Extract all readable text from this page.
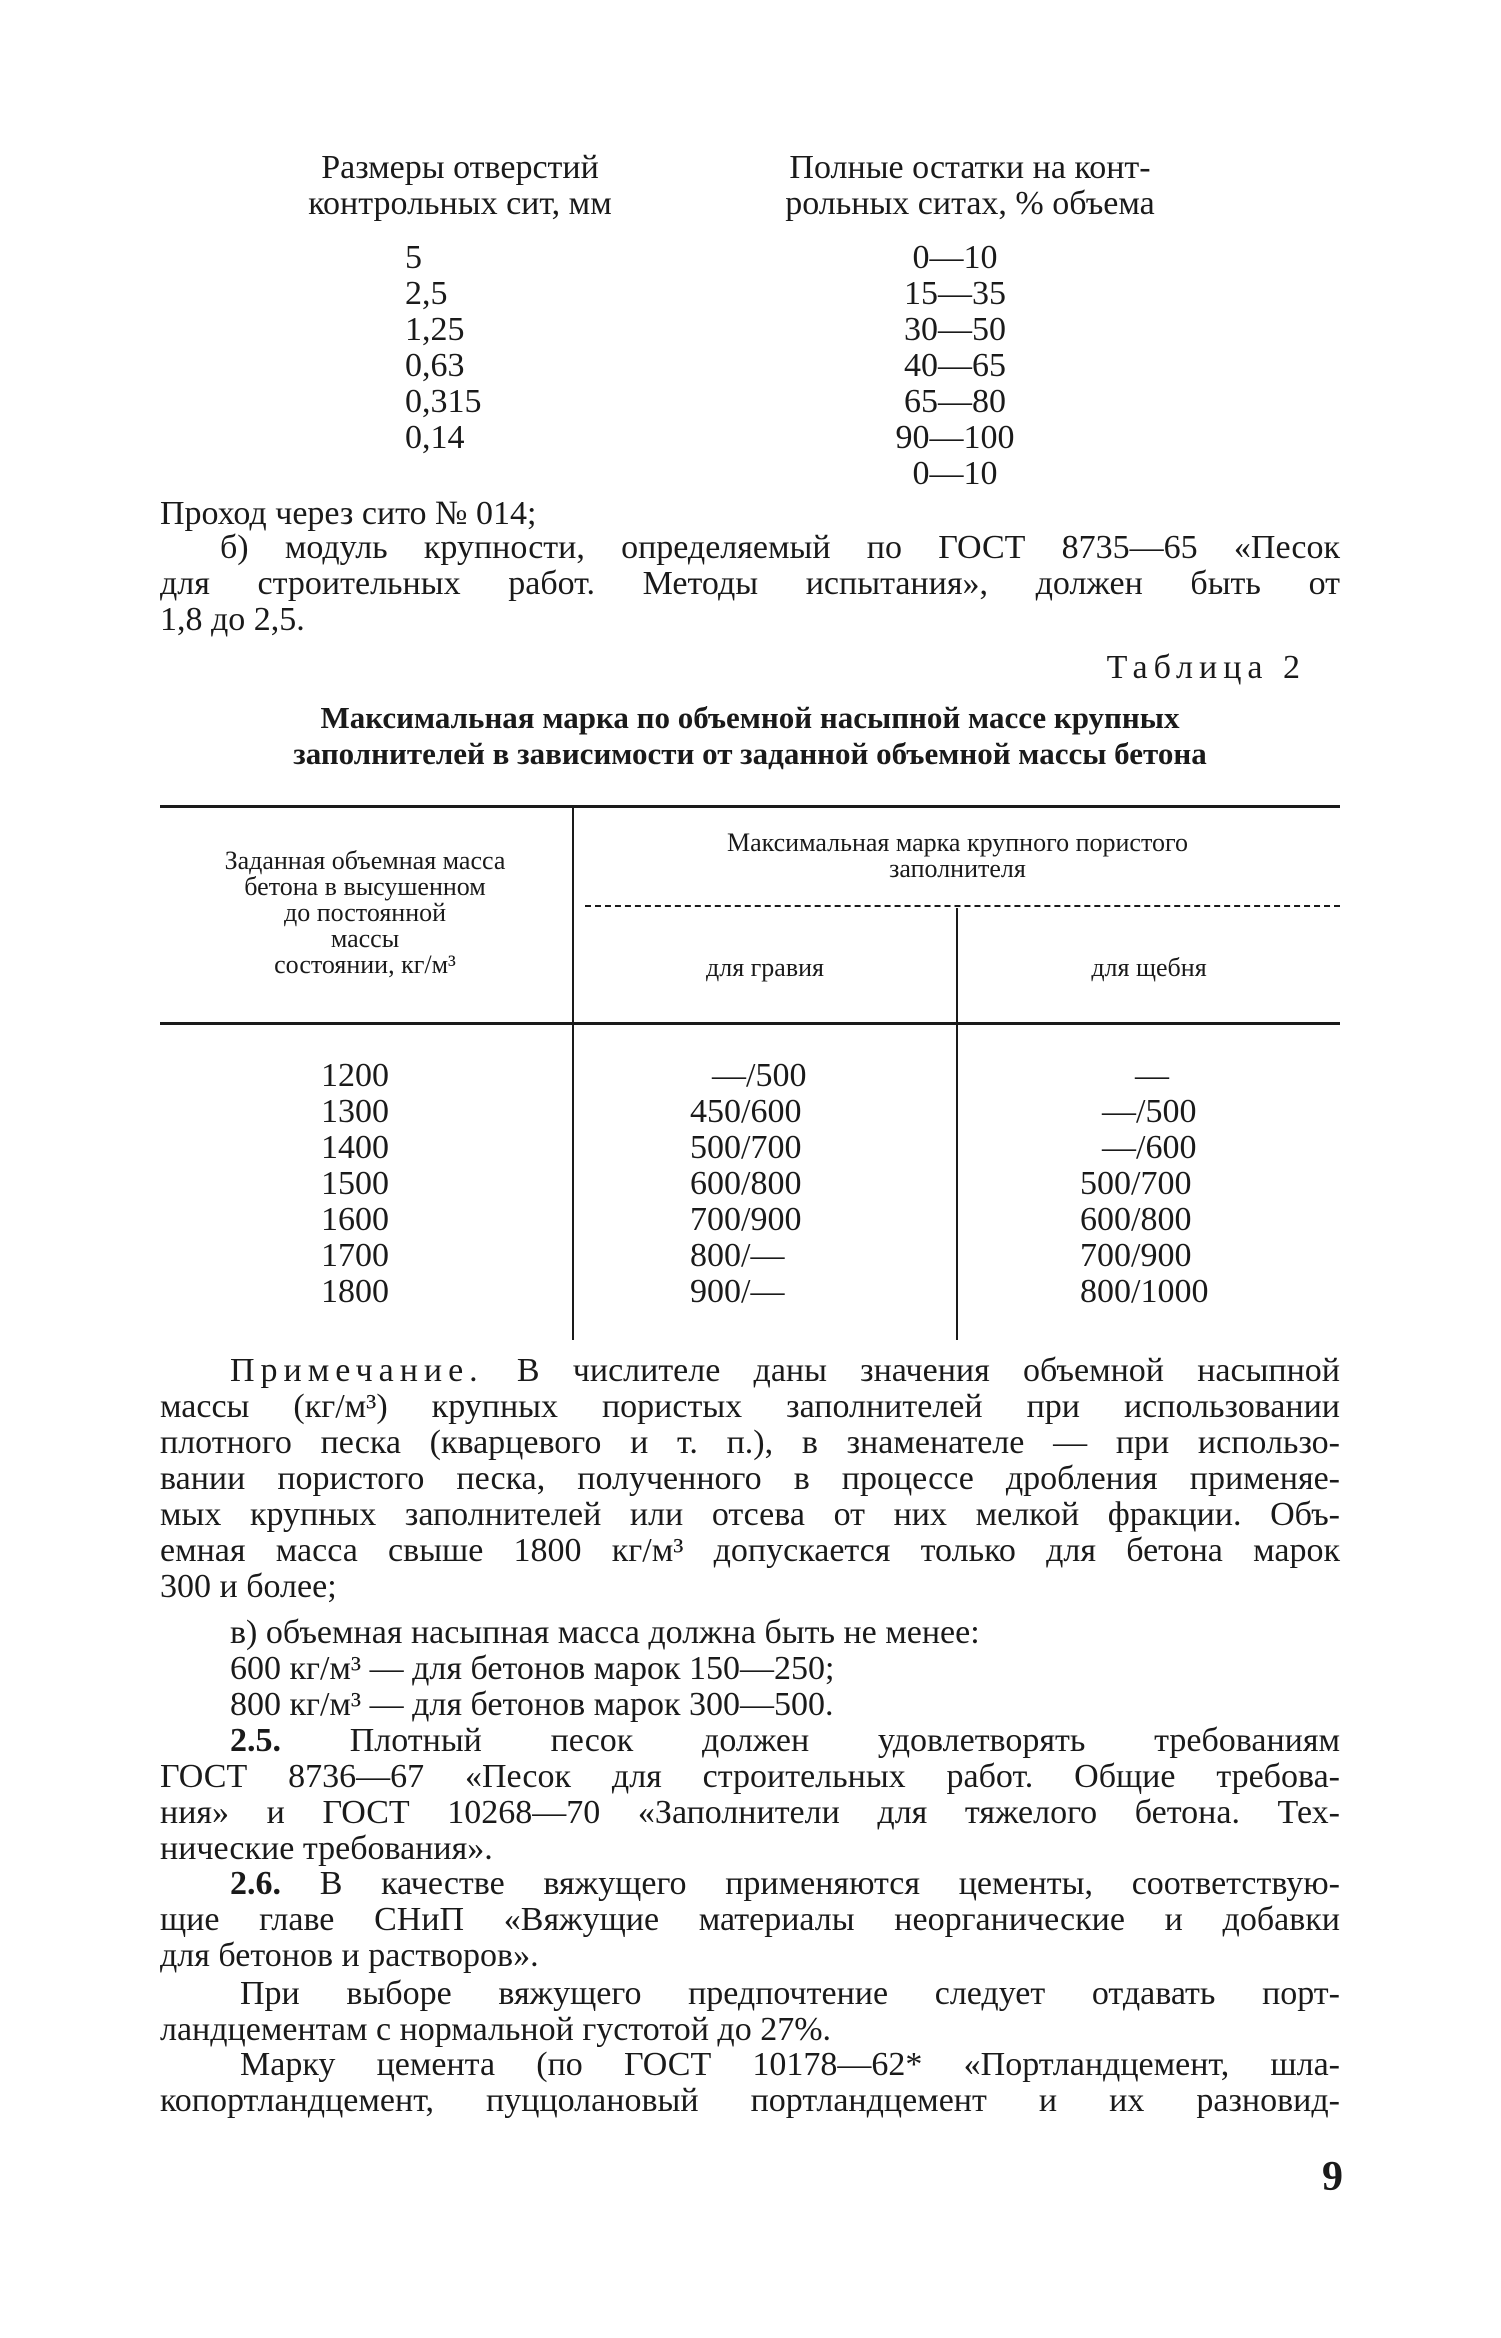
Размеры отверстий
контрольных сит, мм
Полные остатки на конт-
рольных ситах, % объема
5
2,5
1,25
0,63
0,315
0,14
0—10
15—35
30—50
40—65
65—80
90—100
0—10
Проход через сито № 014;
б) модуль крупности, определяемый по ГОСТ 8735—65 «Песок
для строительных работ. Методы испытания», должен быть от
1,8 до 2,5.
Таблица 2
Максимальная марка по объемной насыпной массе крупных
заполнителей в зависимости от заданной объемной массы бетона
Заданная объемная масса
бетона в высушенном
до постоянной
массы
состоянии, кг/м³
Максимальная марка крупного пористого
заполнителя
для гравия	для щебня
1200
1300
1400
1500
1600
1700
1800
—/500
450/600
500/700
600/800
700/900
800/—
900/—
—
—/500
—/600
500/700
600/800
700/900
800/1000
Примечание. В числителе даны значения объемной насыпной
массы (кг/м³) крупных пористых заполнителей при использовании
плотного песка (кварцевого и т. п.), в знаменателе — при использо-
вании пористого песка, полученного в процессе дробления применяе-
мых крупных заполнителей или отсева от них мелкой фракции. Объ-
емная масса свыше 1800 кг/м³ допускается только для бетона марок
300 и более;
в) объемная насыпная масса должна быть не менее:
600 кг/м³ — для бетонов марок 150—250;
800 кг/м³ — для бетонов марок 300—500.
2.5. Плотный песок должен удовлетворять требованиям
ГОСТ 8736—67 «Песок для строительных работ. Общие требова-
ния» и ГОСТ 10268—70 «Заполнители для тяжелого бетона. Тех-
нические требования».
2.6. В качестве вяжущего применяются цементы, соответствую-
щие главе СНиП «Вяжущие материалы неорганические и добавки
для бетонов и растворов».
При выборе вяжущего предпочтение следует отдавать порт-
ландцементам с нормальной густотой до 27%.
Марку цемента (по ГОСТ 10178—62* «Портландцемент, шла-
копортландцемент, пуццолановый портландцемент и их разновид-
9
